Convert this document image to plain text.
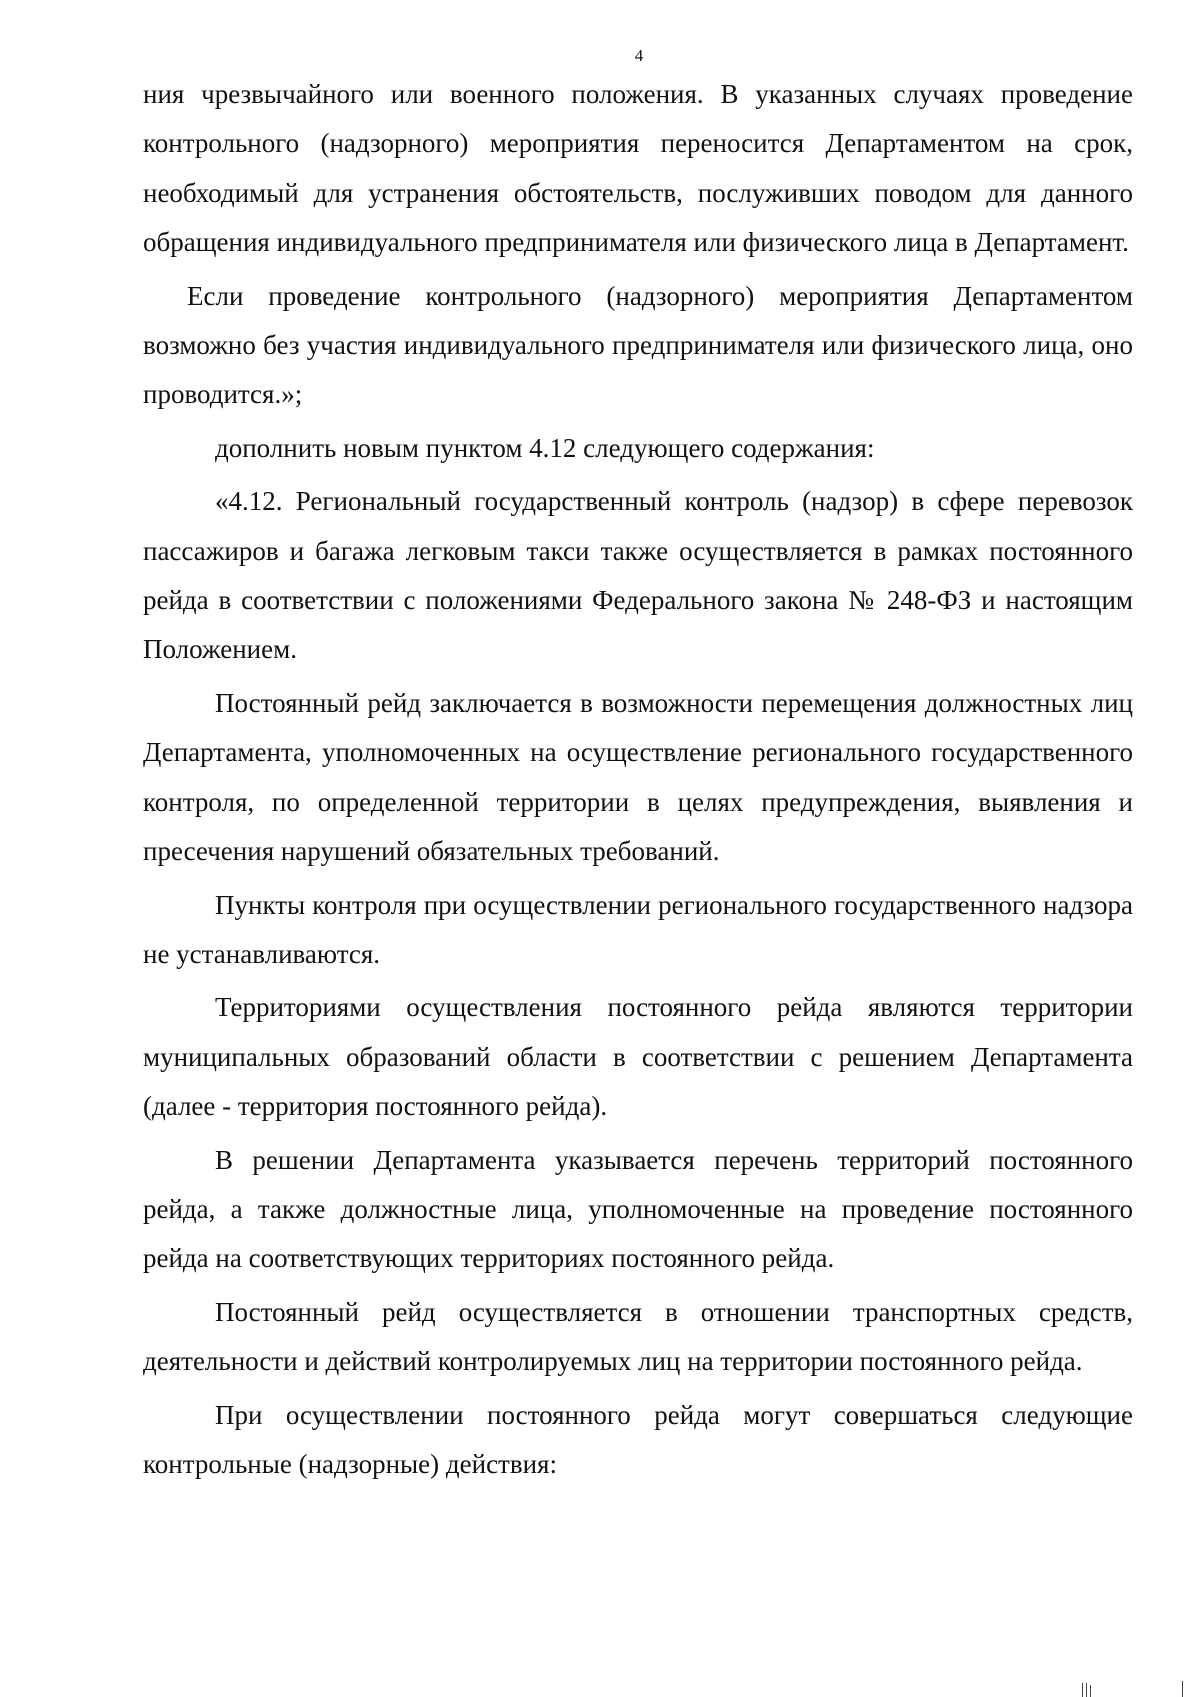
4

ния чрезвычайного или военного положения. В указанных случаях проведение контрольного (надзорного) мероприятия переносится Департаментом на срок, необходимый для устранения обстоятельств, послуживших поводом для данного обращения индивидуального предпринимателя или физического лица в Департамент.

Если проведение контрольного (надзорного) мероприятия Департаментом возможно без участия индивидуального предпринимателя или физического лица, оно проводится.»;

дополнить новым пунктом 4.12 следующего содержания:

«4.12. Региональный государственный контроль (надзор) в сфере перевозок пассажиров и багажа легковым такси также осуществляется в рамках постоянного рейда в соответствии с положениями Федерального закона № 248-ФЗ и настоящим Положением.

Постоянный рейд заключается в возможности перемещения должностных лиц Департамента, уполномоченных на осуществление регионального государственного контроля, по определенной территории в целях предупреждения, выявления и пресечения нарушений обязательных требований.

Пункты контроля при осуществлении регионального государственного надзора не устанавливаются.

Территориями осуществления постоянного рейда являются территории муниципальных образований области в соответствии с решением Департамента (далее - территория постоянного рейда).

В решении Департамента указывается перечень территорий постоянного рейда, а также должностные лица, уполномоченные на проведение постоянного рейда на соответствующих территориях постоянного рейда.

Постоянный рейд осуществляется в отношении транспортных средств, деятельности и действий контролируемых лиц на территории постоянного рейда.

При осуществлении постоянного рейда могут совершаться следующие контрольные (надзорные) действия:
